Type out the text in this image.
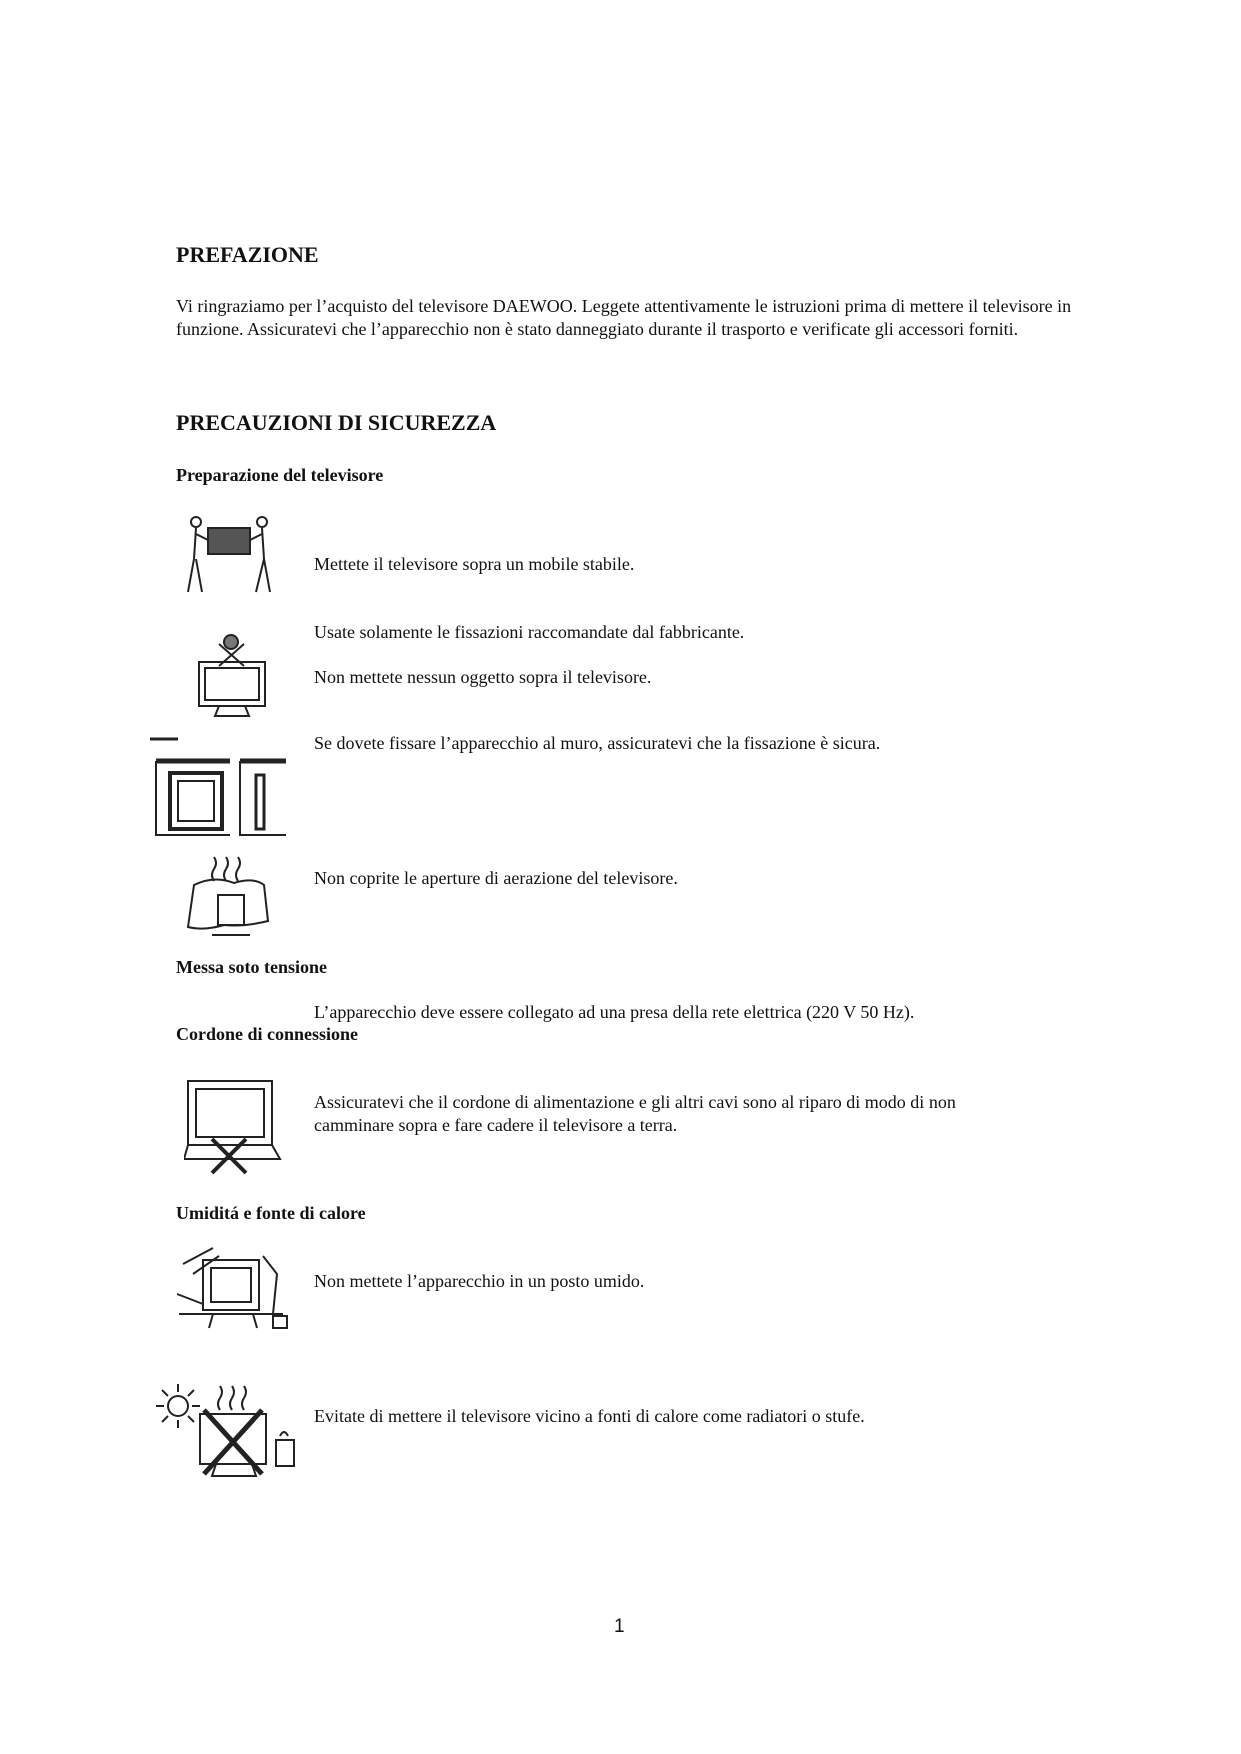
PREFAZIONE
Vi ringraziamo per l’acquisto del televisore DAEWOO. Leggete attentivamente le istruzioni prima di mettere il televisore in funzione. Assicuratevi che l’apparecchio non è stato danneggiato durante il trasporto e verificate gli accessori forniti.
PRECAUZIONI DI SICUREZZA
Preparazione del televisore
Mettete il televisore sopra un mobile stabile.
Usate solamente le fissazioni raccomandate dal fabbricante.
Non mettete nessun oggetto sopra il televisore.
Se dovete fissare l’apparecchio al muro, assicuratevi che la fissazione è sicura.
Non coprite le aperture di aerazione del televisore.
Messa soto tensione
L’apparecchio deve essere collegato ad una presa della rete elettrica (220 V 50 Hz).
Cordone di connessione
Assicuratevi che il cordone di alimentazione e gli altri cavi sono al riparo di modo di non camminare sopra e fare cadere il televisore a terra.
Umiditá e fonte di calore
Non mettete l’apparecchio in un posto umido.
Evitate di mettere il televisore vicino a fonti di calore come radiatori o stufe.
1
